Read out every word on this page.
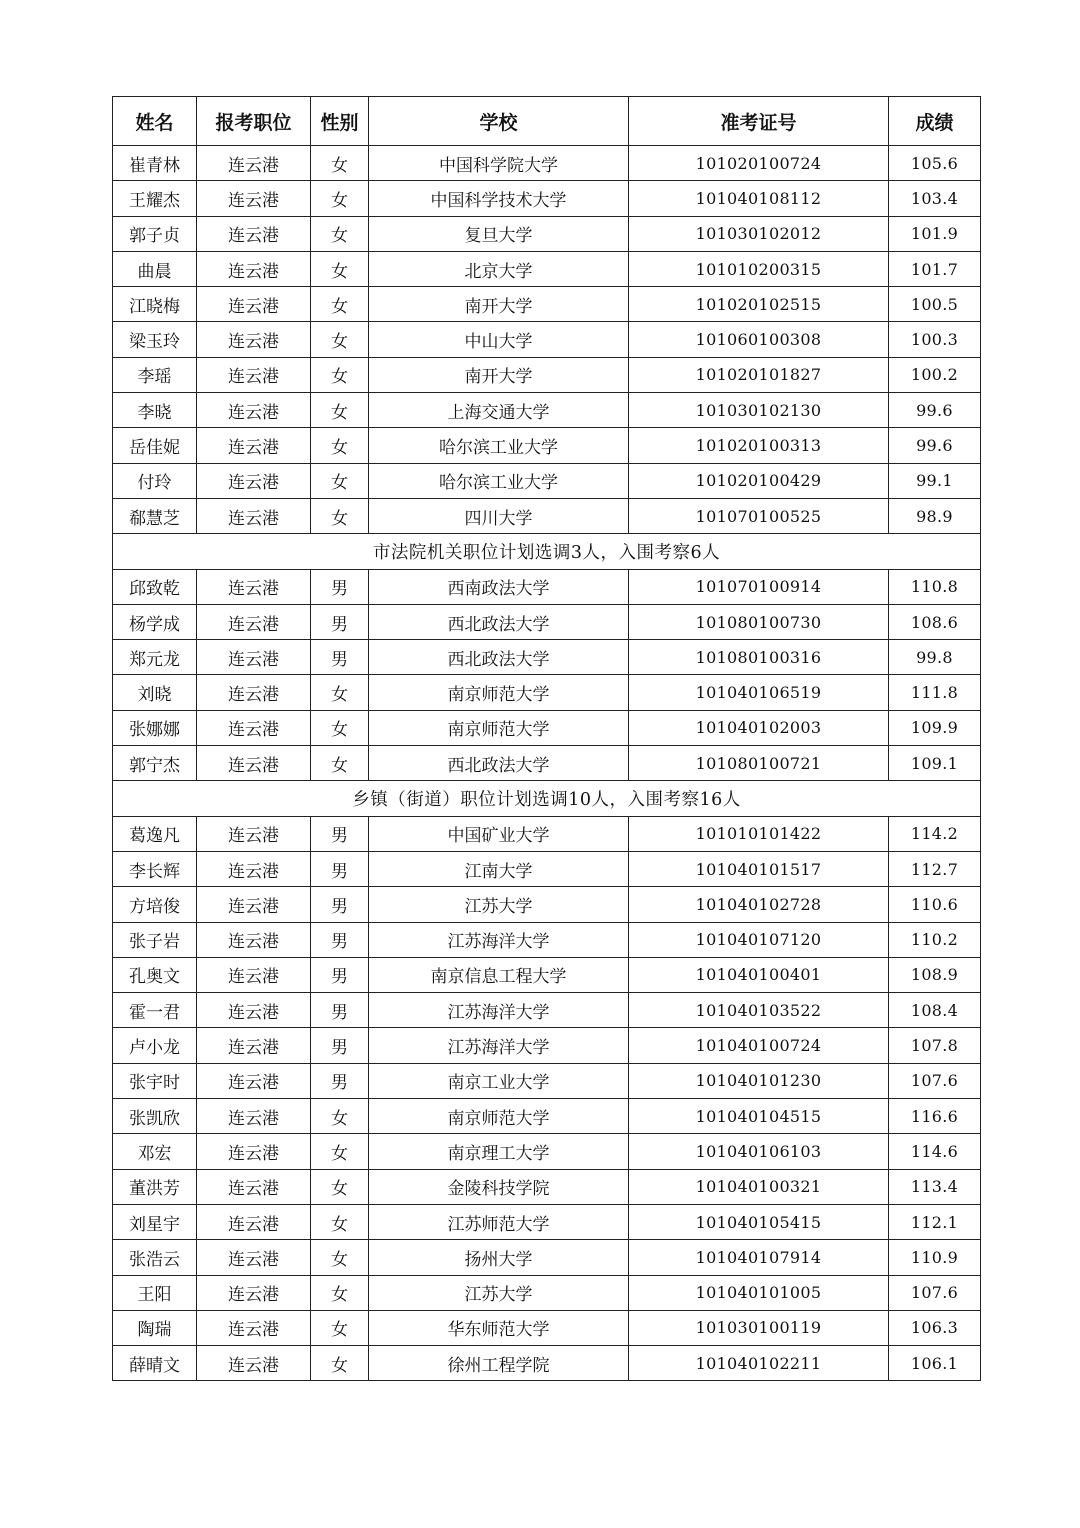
姓名	报考职位	性别	学校	准考证号	成绩
崔青林	连云港	女	中国科学院大学	101020100724	105.6
王耀杰	连云港	女	中国科学技术大学	101040108112	103.4
郭子贞	连云港	女	复旦大学	101030102012	101.9
曲晨	连云港	女	北京大学	101010200315	101.7
江晓梅	连云港	女	南开大学	101020102515	100.5
梁玉玲	连云港	女	中山大学	101060100308	100.3
李瑶	连云港	女	南开大学	101020101827	100.2
李晓	连云港	女	上海交通大学	101030102130	99.6
岳佳妮	连云港	女	哈尔滨工业大学	101020100313	99.6
付玲	连云港	女	哈尔滨工业大学	101020100429	99.1
郗慧芝	连云港	女	四川大学	101070100525	98.9
市法院机关职位计划选调3人，入围考察6人					
邱致乾	连云港	男	西南政法大学	101070100914	110.8
杨学成	连云港	男	西北政法大学	101080100730	108.6
郑元龙	连云港	男	西北政法大学	101080100316	99.8
刘晓	连云港	女	南京师范大学	101040106519	111.8
张娜娜	连云港	女	南京师范大学	101040102003	109.9
郭宁杰	连云港	女	西北政法大学	101080100721	109.1
乡镇（街道）职位计划选调10人，入围考察16人					
葛逸凡	连云港	男	中国矿业大学	101010101422	114.2
李长辉	连云港	男	江南大学	101040101517	112.7
方培俊	连云港	男	江苏大学	101040102728	110.6
张子岩	连云港	男	江苏海洋大学	101040107120	110.2
孔奥文	连云港	男	南京信息工程大学	101040100401	108.9
霍一君	连云港	男	江苏海洋大学	101040103522	108.4
卢小龙	连云港	男	江苏海洋大学	101040100724	107.8
张宇时	连云港	男	南京工业大学	101040101230	107.6
张凯欣	连云港	女	南京师范大学	101040104515	116.6
邓宏	连云港	女	南京理工大学	101040106103	114.6
董洪芳	连云港	女	金陵科技学院	101040100321	113.4
刘星宇	连云港	女	江苏师范大学	101040105415	112.1
张浩云	连云港	女	扬州大学	101040107914	110.9
王阳	连云港	女	江苏大学	101040101005	107.6
陶瑞	连云港	女	华东师范大学	101030100119	106.3
薛晴文	连云港	女	徐州工程学院	101040102211	106.1
